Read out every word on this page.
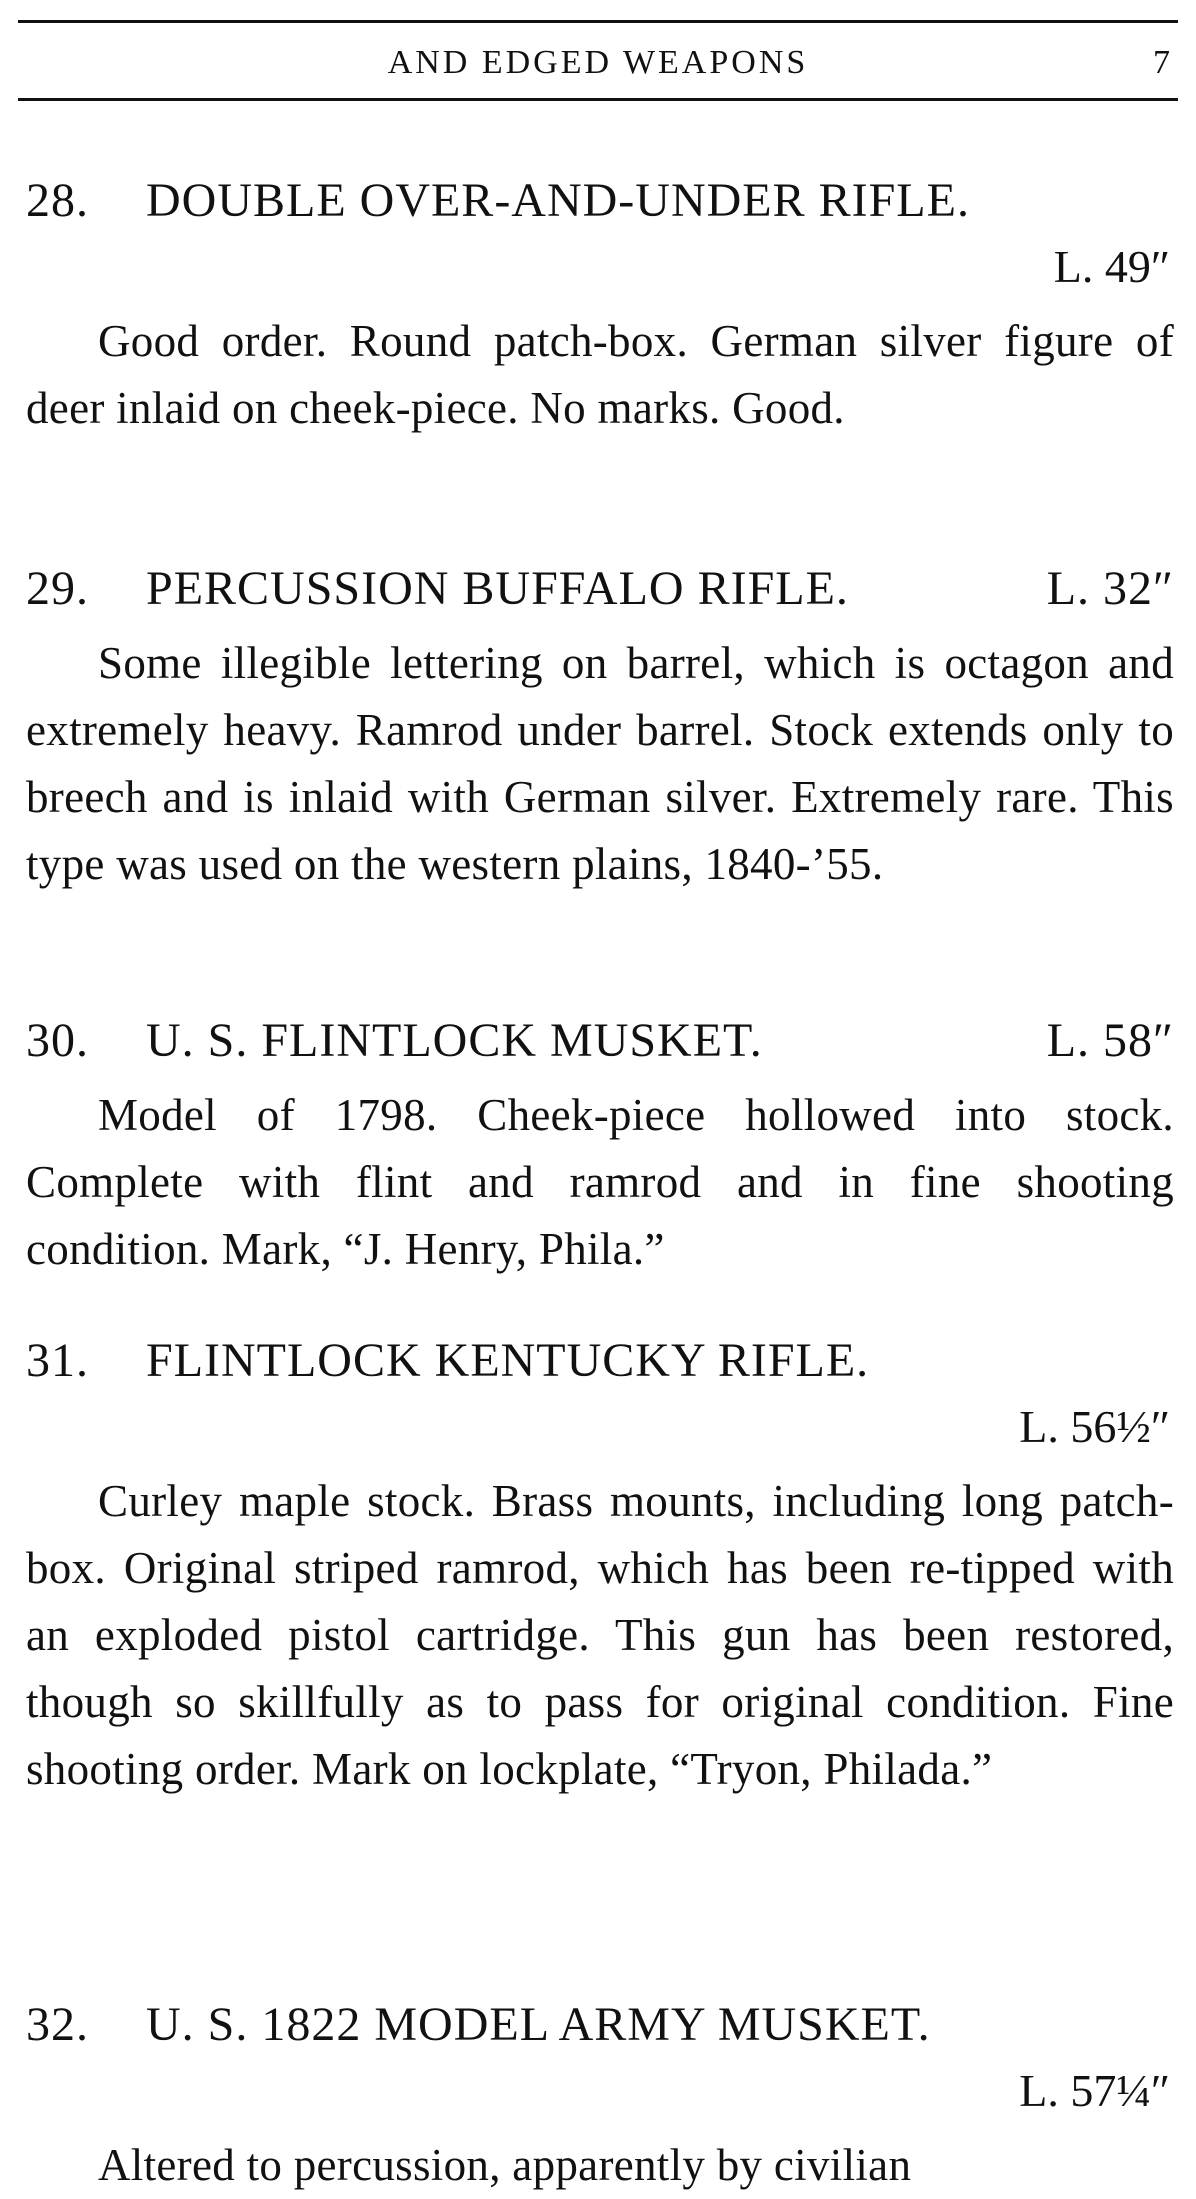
AND EDGED WEAPONS	7
28. DOUBLE OVER-AND-UNDER RIFLE.
L. 49″
Good order. Round patch-box. German silver figure of deer inlaid on cheek-piece. No marks. Good.
29. PERCUSSION BUFFALO RIFLE.	L. 32″
Some illegible lettering on barrel, which is octagon and extremely heavy. Ramrod under barrel. Stock extends only to breech and is inlaid with German silver. Extremely rare. This type was used on the western plains, 1840-’55.
30. U. S. FLINTLOCK MUSKET.	L. 58″
Model of 1798. Cheek-piece hollowed into stock. Complete with flint and ramrod and in fine shooting condition. Mark, “J. Henry, Phila.”
31. FLINTLOCK KENTUCKY RIFLE.
L. 56½″
Curley maple stock. Brass mounts, including long patch-box. Original striped ramrod, which has been re-tipped with an exploded pistol cartridge. This gun has been restored, though so skillfully as to pass for original condition. Fine shooting order. Mark on lockplate, “Tryon, Philada.”
32. U. S. 1822 MODEL ARMY MUSKET.
L. 57¼″
Altered to percussion, apparently by civilian
